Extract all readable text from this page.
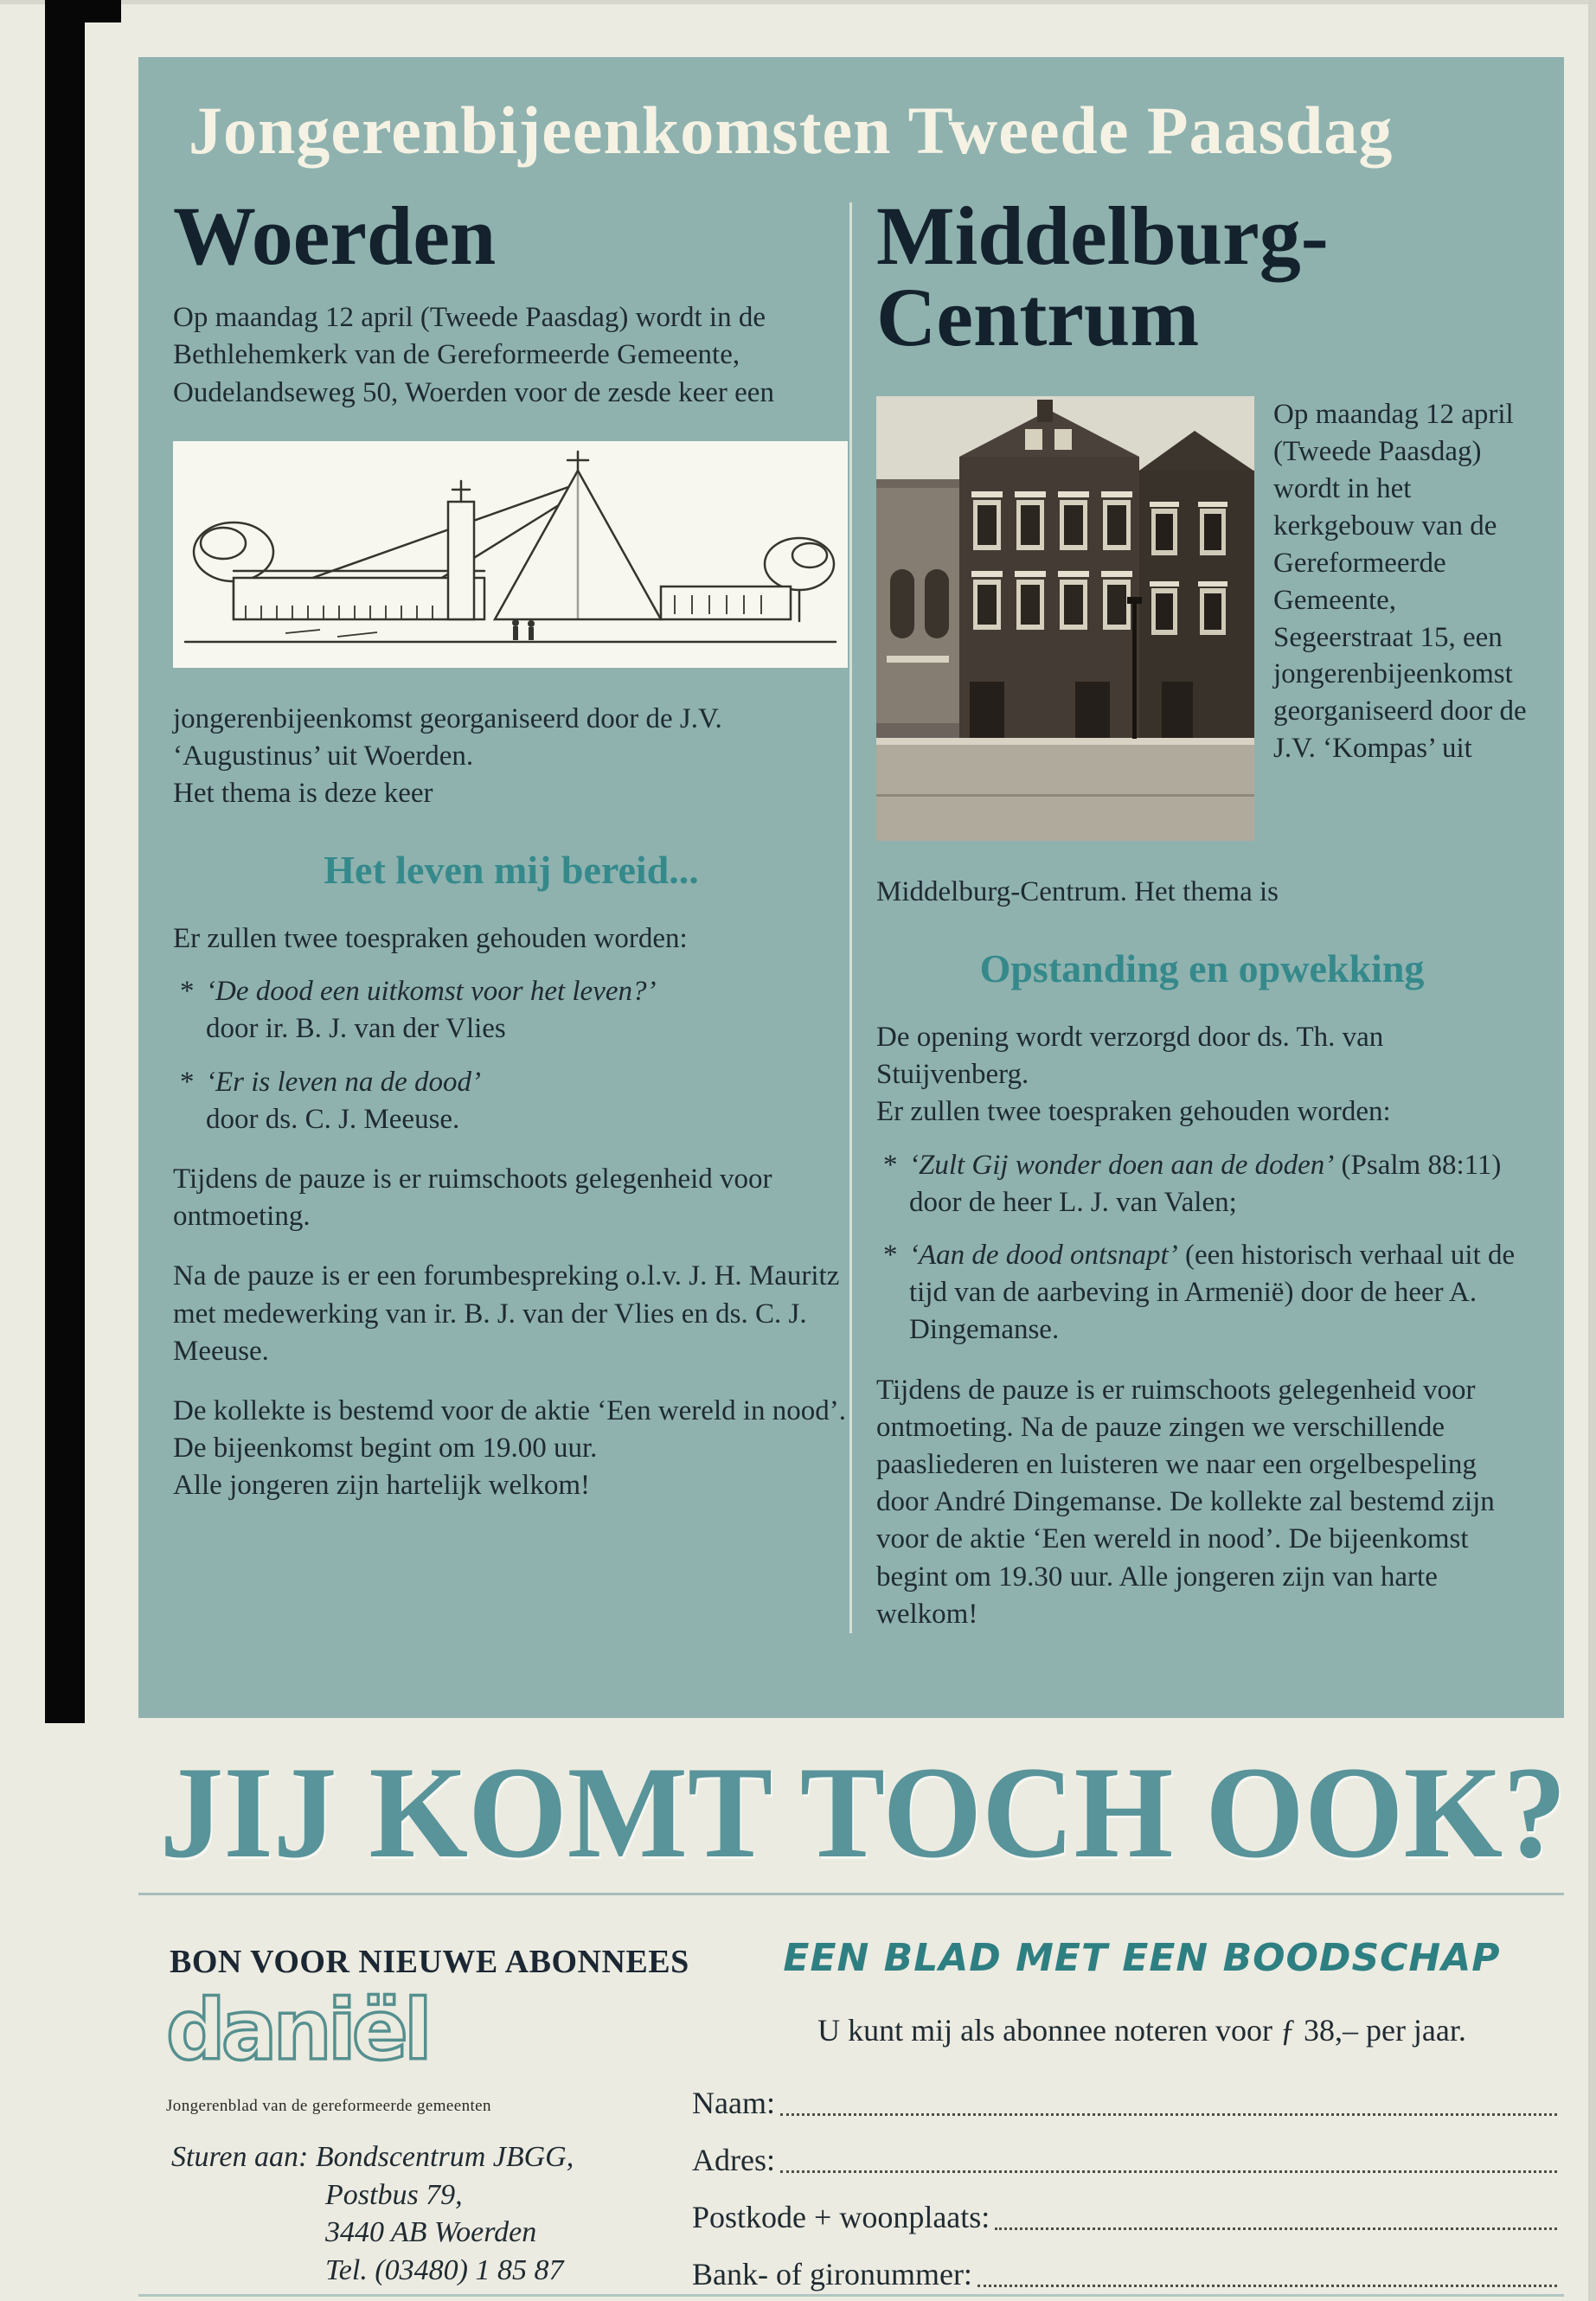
Jongerenbijeenkomsten Tweede Paasdag
Woerden
Op maandag 12 april (Tweede Paasdag) wordt in de Bethlehemkerk van de Gereformeerde Gemeente, Oudelandseweg 50, Woerden voor de zesde keer een
jongerenbijeenkomst georganiseerd door de J.V. ‘Augustinus’ uit Woerden.
Het thema is deze keer
Het leven mij bereid...
Er zullen twee toespraken gehouden worden:
* ‘De dood een uitkomst voor het leven?’
door ir. B. J. van der Vlies
* ‘Er is leven na de dood’
door ds. C. J. Meeuse.
Tijdens de pauze is er ruimschoots gelegenheid voor ontmoeting.
Na de pauze is er een forumbespreking o.l.v. J. H. Mauritz met medewerking van ir. B. J. van der Vlies en ds. C. J. Meeuse.
De kollekte is bestemd voor de aktie ‘Een wereld in nood’. De bijeenkomst begint om 19.00 uur.
Alle jongeren zijn hartelijk welkom!
Middelburg-
Centrum
Op maandag 12 april (Tweede Paasdag) wordt in het kerkgebouw van de Gereformeerde Gemeente, Segeerstraat 15, een jongerenbijeenkomst georganiseerd door de J.V. ‘Kompas’ uit
Middelburg-Centrum. Het thema is
Opstanding en opwekking
De opening wordt verzorgd door ds. Th. van Stuijvenberg.
Er zullen twee toespraken gehouden worden:
* ‘Zult Gij wonder doen aan de doden’ (Psalm 88:11) door de heer L. J. van Valen;
* ‘Aan de dood ontsnapt’ (een historisch verhaal uit de tijd van de aarbeving in Armenië) door de heer A. Dingemanse.
Tijdens de pauze is er ruimschoots gelegenheid voor ontmoeting. Na de pauze zingen we verschillende paasliederen en luisteren we naar een orgelbespeling door André Dingemanse. De kollekte zal bestemd zijn voor de aktie ‘Een wereld in nood’. De bijeenkomst begint om 19.30 uur. Alle jongeren zijn van harte welkom!
JIJ KOMT TOCH OOK?
BON VOOR NIEUWE ABONNEES	EEN BLAD MET EEN BOODSCHAP
U kunt mij als abonnee noteren voor ƒ 38,– per jaar.
daniël
Jongerenblad van de gereformeerde gemeenten
Sturen aan: Bondscentrum JBGG,
Postbus 79,
3440 AB Woerden
Tel. (03480) 1 85 87
Naam:
Adres:
Postkode + woonplaats:
Bank- of gironummer:
